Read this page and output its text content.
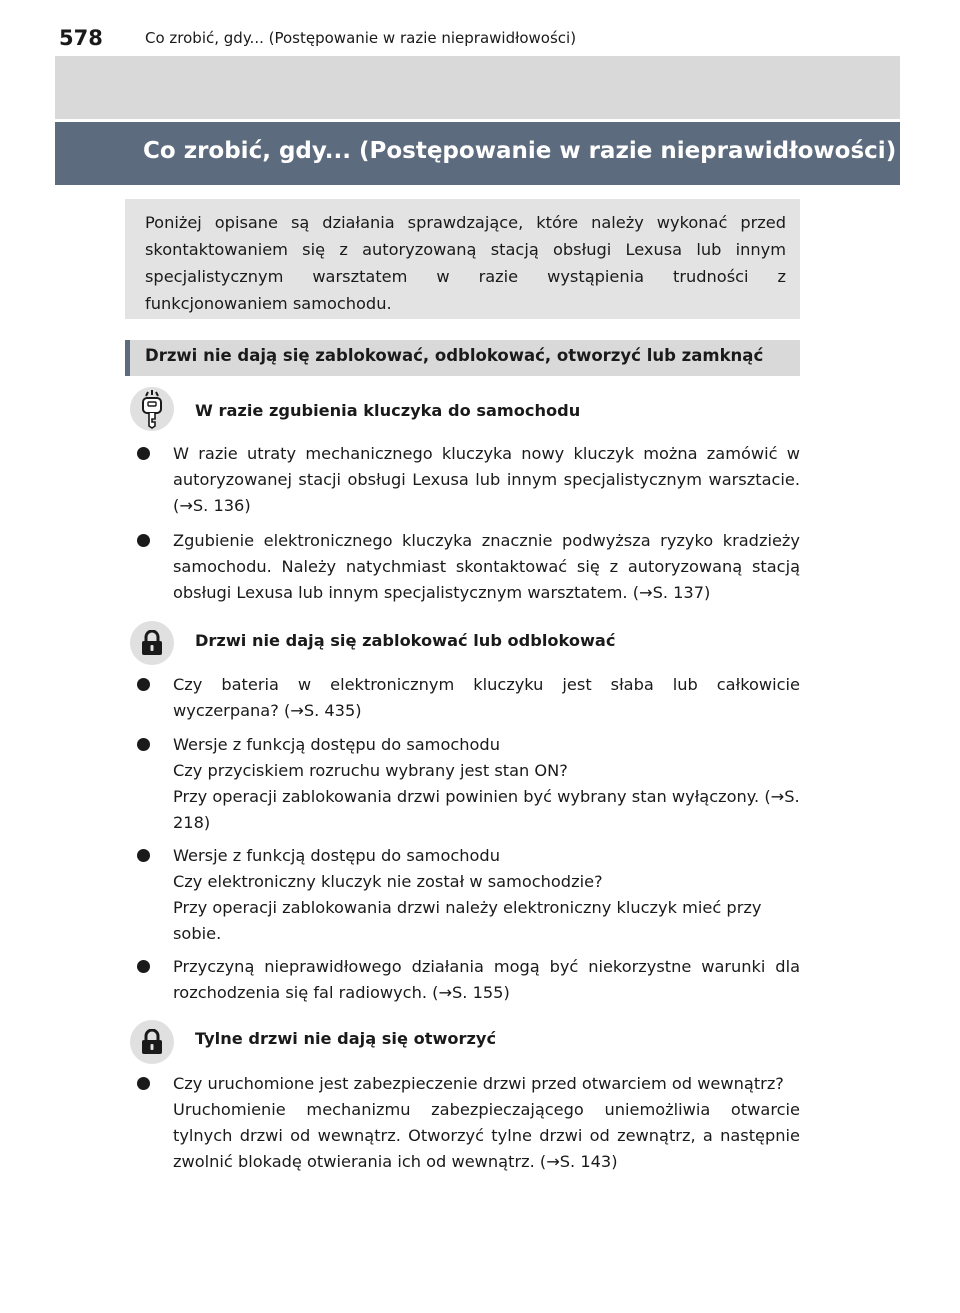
578	Co zrobić, gdy... (Postępowanie w razie nieprawidłowości)
Co zrobić, gdy... (Postępowanie w razie nieprawidłowości)
Poniżej opisane są działania sprawdzające, które należy wykonać przed skontaktowaniem się z autoryzowaną stacją obsługi Lexusa lub innym specjalistycznym warsztatem w razie wystąpienia trudności z funkcjonowaniem samochodu.
Drzwi nie dają się zablokować, odblokować, otworzyć lub zamknąć
W razie zgubienia kluczyka do samochodu
W razie utraty mechanicznego kluczyka nowy kluczyk można zamówić w autoryzowanej stacji obsługi Lexusa lub innym specjalistycznym warsztacie. (→S. 136)
Zgubienie elektronicznego kluczyka znacznie podwyższa ryzyko kradzieży samochodu. Należy natychmiast skontaktować się z autoryzowaną stacją obsługi Lexusa lub innym specjalistycznym warsztatem. (→S. 137)
Drzwi nie dają się zablokować lub odblokować
Czy bateria w elektronicznym kluczyku jest słaba lub całkowicie wyczerpana? (→S. 435)
Wersje z funkcją dostępu do samochodu
Czy przyciskiem rozruchu wybrany jest stan ON?
Przy operacji zablokowania drzwi powinien być wybrany stan wyłączony. (→S. 218)
Wersje z funkcją dostępu do samochodu
Czy elektroniczny kluczyk nie został w samochodzie?
Przy operacji zablokowania drzwi należy elektroniczny kluczyk mieć przy sobie.
Przyczyną nieprawidłowego działania mogą być niekorzystne warunki dla rozchodzenia się fal radiowych. (→S. 155)
Tylne drzwi nie dają się otworzyć
Czy uruchomione jest zabezpieczenie drzwi przed otwarciem od wewnątrz?
Uruchomienie mechanizmu zabezpieczającego uniemożliwia otwarcie tylnych drzwi od wewnątrz. Otworzyć tylne drzwi od zewnątrz, a następnie zwolnić blokadę otwierania ich od wewnątrz. (→S. 143)
